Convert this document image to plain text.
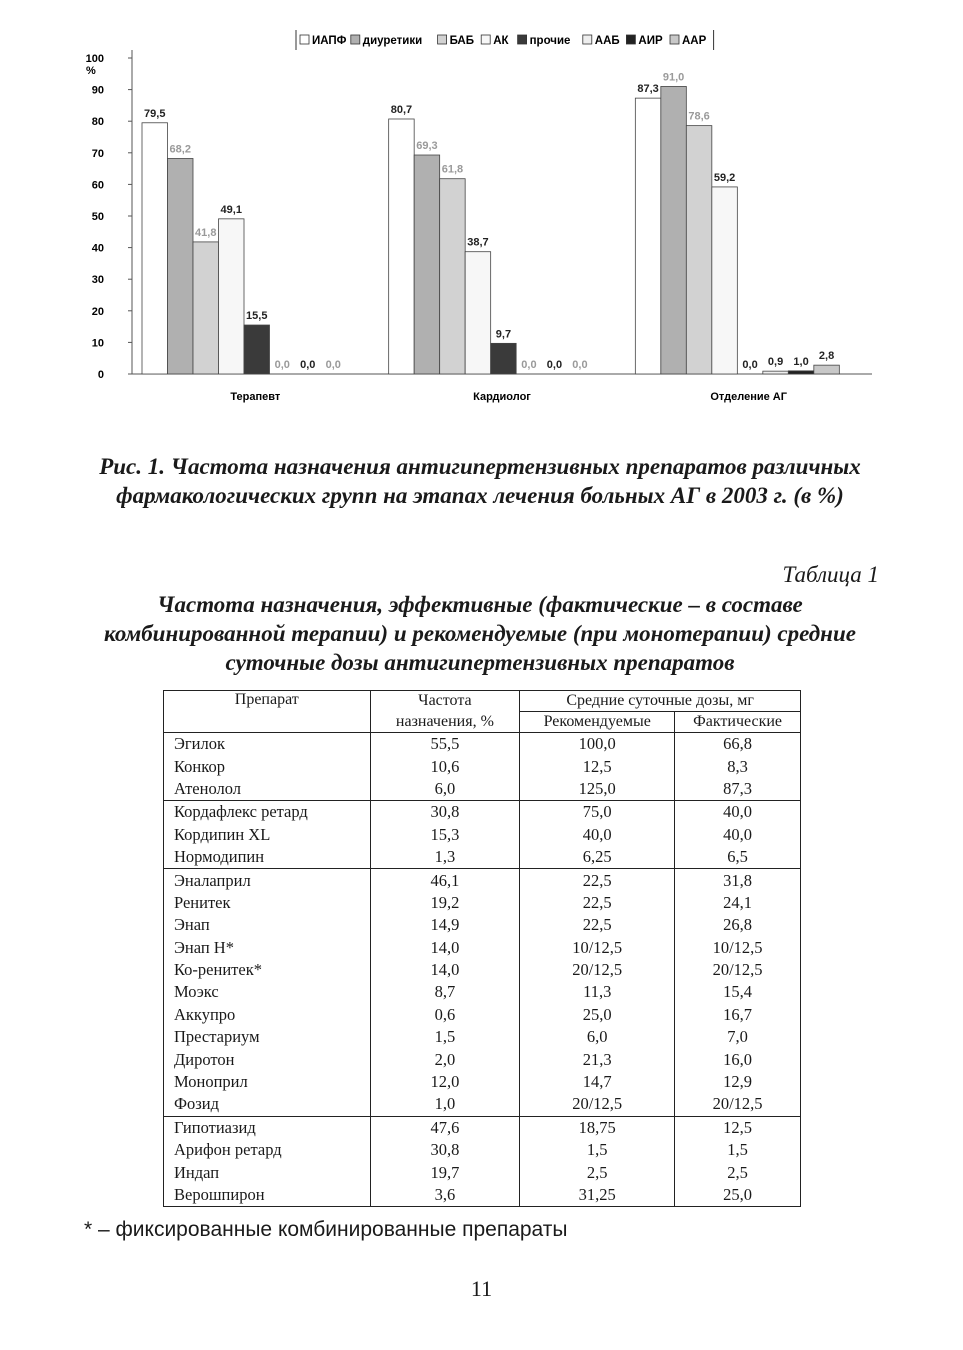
0
10
20
30
40
50
60
70
80
90
100
%
79,5
68,2
41,8
49,1
15,5
0,0 0,0 0,0
Терапевт
80,7
69,3
61,8
38,7
9,7
0,0 0,0 0,0
Кардиолог
87,3
91,0
78,6
59,2
0,0 0,9 1,0 2,8
Отделение АГ
ИАПФ диуретики БАБ АК прочие ААБ АИР ААР
Рис. 1. Частота назначения антигипертензивных препаратов различных фармакологических групп на этапах лечения больных АГ в 2003 г. (в %)
Таблица 1
Частота назначения, эффективные (фактические – в составе комбинированной терапии) и рекомендуемые (при монотерапии) средние суточные дозы антигипертензивных препаратов
Препарат	Частота	Средние суточные дозы, мг	
	назначения, %	Рекомендуемые	Фактические
Эгилок	55,5	100,0	66,8
Конкор	10,6	12,5	8,3
Атенолол	6,0	125,0	87,3
Кордафлекс ретард	30,8	75,0	40,0
Кордипин XL	15,3	40,0	40,0
Нормодипин	1,3	6,25	6,5
Эналаприл	46,1	22,5	31,8
Ренитек	19,2	22,5	24,1
Энап	14,9	22,5	26,8
Энап Н*	14,0	10/12,5	10/12,5
Ко-ренитек*	14,0	20/12,5	20/12,5
Моэкс	8,7	11,3	15,4
Аккупро	0,6	25,0	16,7
Престариум	1,5	6,0	7,0
Диротон	2,0	21,3	16,0
Моноприл	12,0	14,7	12,9
Фозид	1,0	20/12,5	20/12,5
Гипотиазид	47,6	18,75	12,5
Арифон ретард	30,8	1,5	1,5
Индап	19,7	2,5	2,5
Верошпирон	3,6	31,25	25,0
* – фиксированные комбинированные препараты
11
